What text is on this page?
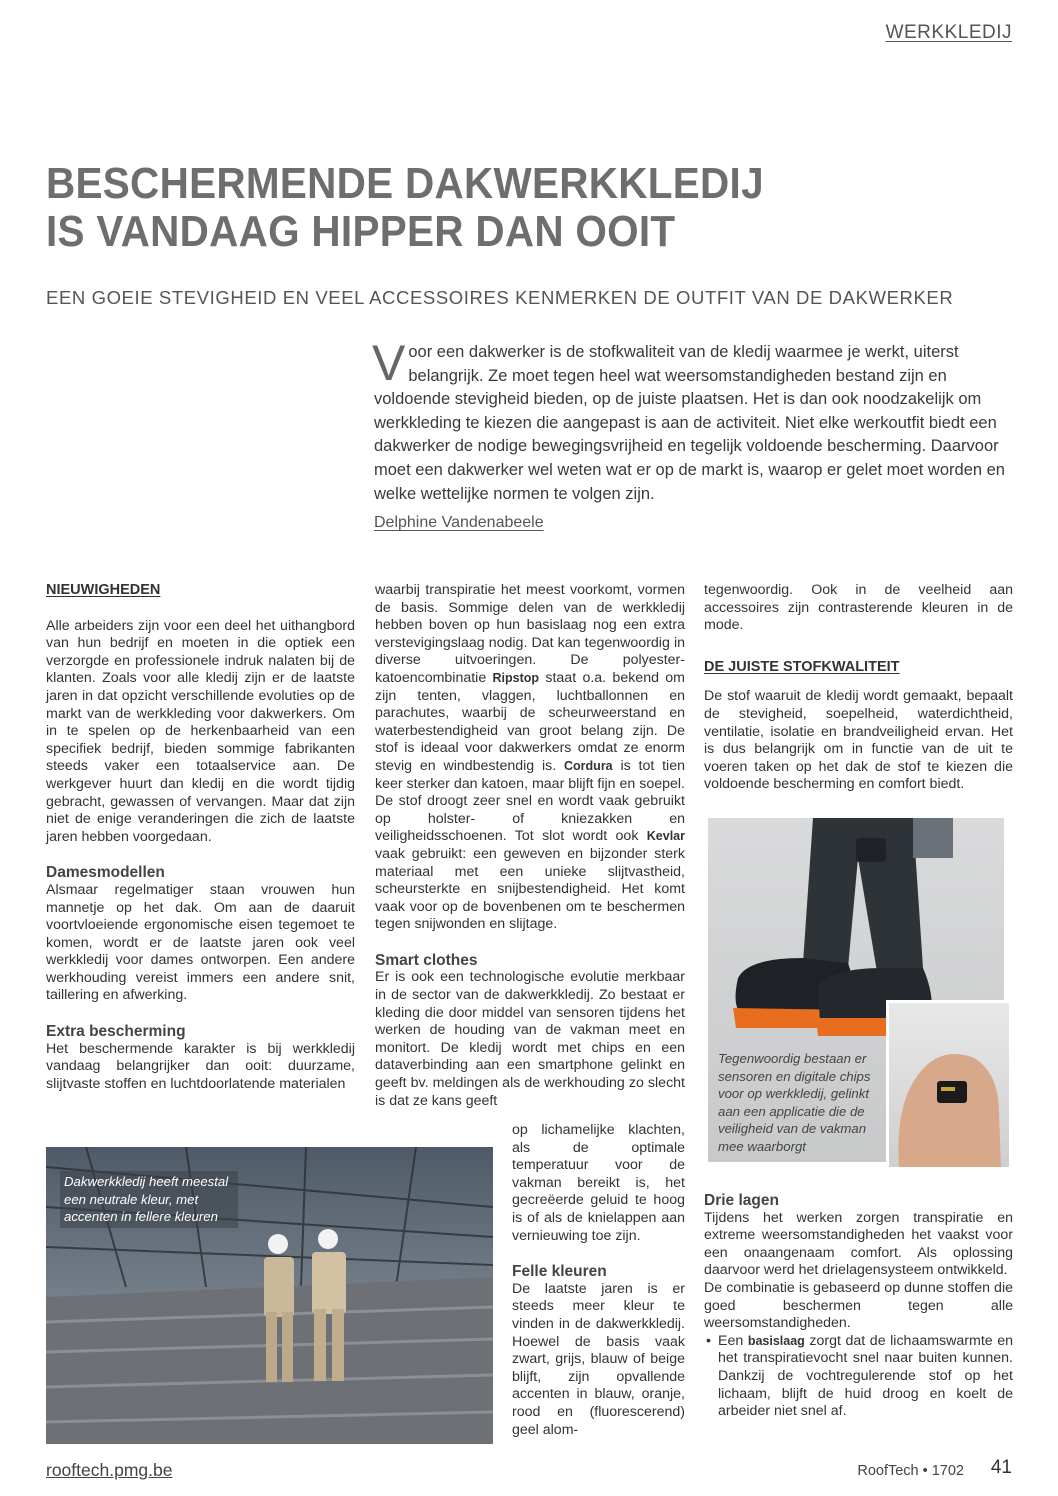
WERKKLEDIJ
BESCHERMENDE DAKWERKKLEDIJ
IS VANDAAG HIPPER DAN OOIT
EEN GOEIE STEVIGHEID EN VEEL ACCESSOIRES KENMERKEN DE OUTFIT VAN DE DAKWERKER

Voor een dakwerker is de stofkwaliteit van de kledij waarmee je werkt, uiterst belangrijk. Ze moet tegen heel wat weersomstandigheden bestand zijn en voldoende stevigheid bieden, op de juiste plaatsen. Het is dan ook noodzakelijk om werkkleding te kiezen die aangepast is aan de activiteit. Niet elke werkoutfit biedt een dakwerker de nodige bewegingsvrijheid en tegelijk voldoende bescherming. Daarvoor moet een dakwerker wel weten wat er op de markt is, waarop er gelet moet worden en welke wettelijke normen te volgen zijn.

Delphine Vandenabeele
NIEUWIGHEDEN

Alle arbeiders zijn voor een deel het uithangbord van hun bedrijf en moeten in die optiek een verzorgde en professionele indruk nalaten bij de klanten. Zoals voor alle kledij zijn er de laatste jaren in dat opzicht verschillende evoluties op de markt van de werkkleding voor dakwerkers. Om in te spelen op de herkenbaarheid van een specifiek bedrijf, bieden sommige fabrikanten steeds vaker een totaalservice aan. De werkgever huurt dan kledij en die wordt tijdig gebracht, gewassen of vervangen. Maar dat zijn niet de enige veranderingen die zich de laatste jaren hebben voorgedaan.

Damesmodellen

Alsmaar regelmatiger staan vrouwen hun mannetje op het dak. Om aan de daaruit voortvloeiende ergonomische eisen tegemoet te komen, wordt er de laatste jaren ook veel werkkledij voor dames ontworpen. Een andere werkhouding vereist immers een andere snit, taillering en afwerking.

Extra bescherming

Het beschermende karakter is bij werkkledij vandaag belangrijker dan ooit: duurzame, slijtvaste stoffen en luchtdoorlatende materialen

waarbij transpiratie het meest voorkomt, vormen de basis. Sommige delen van de werkkledij hebben boven op hun basislaag nog een extra verstevigingslaag nodig. Dat kan tegenwoordig in diverse uitvoeringen. De polyester-katoencombinatie Ripstop staat o.a. bekend om zijn tenten, vlaggen, luchtballonnen en parachutes, waarbij de scheurweerstand en waterbestendigheid van groot belang zijn. De stof is ideaal voor dakwerkers omdat ze enorm stevig en windbestendig is. Cordura is tot tien keer sterker dan katoen, maar blijft fijn en soepel. De stof droogt zeer snel en wordt vaak gebruikt op holster- of kniezakken en veiligheidsschoenen. Tot slot wordt ook Kevlar vaak gebruikt: een geweven en bijzonder sterk materiaal met een unieke slijtvastheid, scheursterkte en snijbestendigheid. Het komt vaak voor op de bovenbenen om te beschermen tegen snijwonden en slijtage.

Smart clothes

Er is ook een technologische evolutie merkbaar in de sector van de dakwerkkledij. Zo bestaat er kleding die door middel van sensoren tijdens het werken de houding van de vakman meet en monitort. De kledij wordt met chips en een dataverbinding aan een smartphone gelinkt en geeft bv. meldingen als de werkhouding zo slecht is dat ze kans geeft

op lichamelijke klachten, als de optimale temperatuur voor de vakman bereikt is, het gecreëerde geluid te hoog is of als de knielappen aan vernieuwing toe zijn.

Felle kleuren

De laatste jaren is er steeds meer kleur te vinden in de dakwerkkledij. Hoewel de basis vaak zwart, grijs, blauw of beige blijft, zijn opvallende accenten in blauw, oranje, rood en (fluorescerend) geel alom-

tegenwoordig. Ook in de veelheid aan accessoires zijn contrasterende kleuren in de mode.

DE JUISTE STOFKWALITEIT

De stof waaruit de kledij wordt gemaakt, bepaalt de stevigheid, soepelheid, waterdichtheid, ventilatie, isolatie en brandveiligheid ervan. Het is dus belangrijk om in functie van de uit te voeren taken op het dak de stof te kiezen die voldoende bescherming en comfort biedt.

Drie lagen

Tijdens het werken zorgen transpiratie en extreme weersomstandigheden het vaakst voor een onaangenaam comfort. Als oplossing daarvoor werd het drielagensysteem ontwikkeld.

De combinatie is gebaseerd op dunne stoffen die goed beschermen tegen alle weersomstandigheden.

• Een basislaag zorgt dat de lichaamswarmte en het transpiratievocht snel naar buiten kunnen. Dankzij de vochtregulerende stof op het lichaam, blijft de huid droog en koelt de arbeider niet snel af.
Tegenwoordig bestaan er sensoren en digitale chips voor op werkkledij, gelinkt aan een applicatie die de veiligheid van de vakman mee waarborgt
Dakwerkkledij heeft meestal een neutrale kleur, met accenten in fellere kleuren
rooftech.pmg.be	RoofTech • 1702 41
